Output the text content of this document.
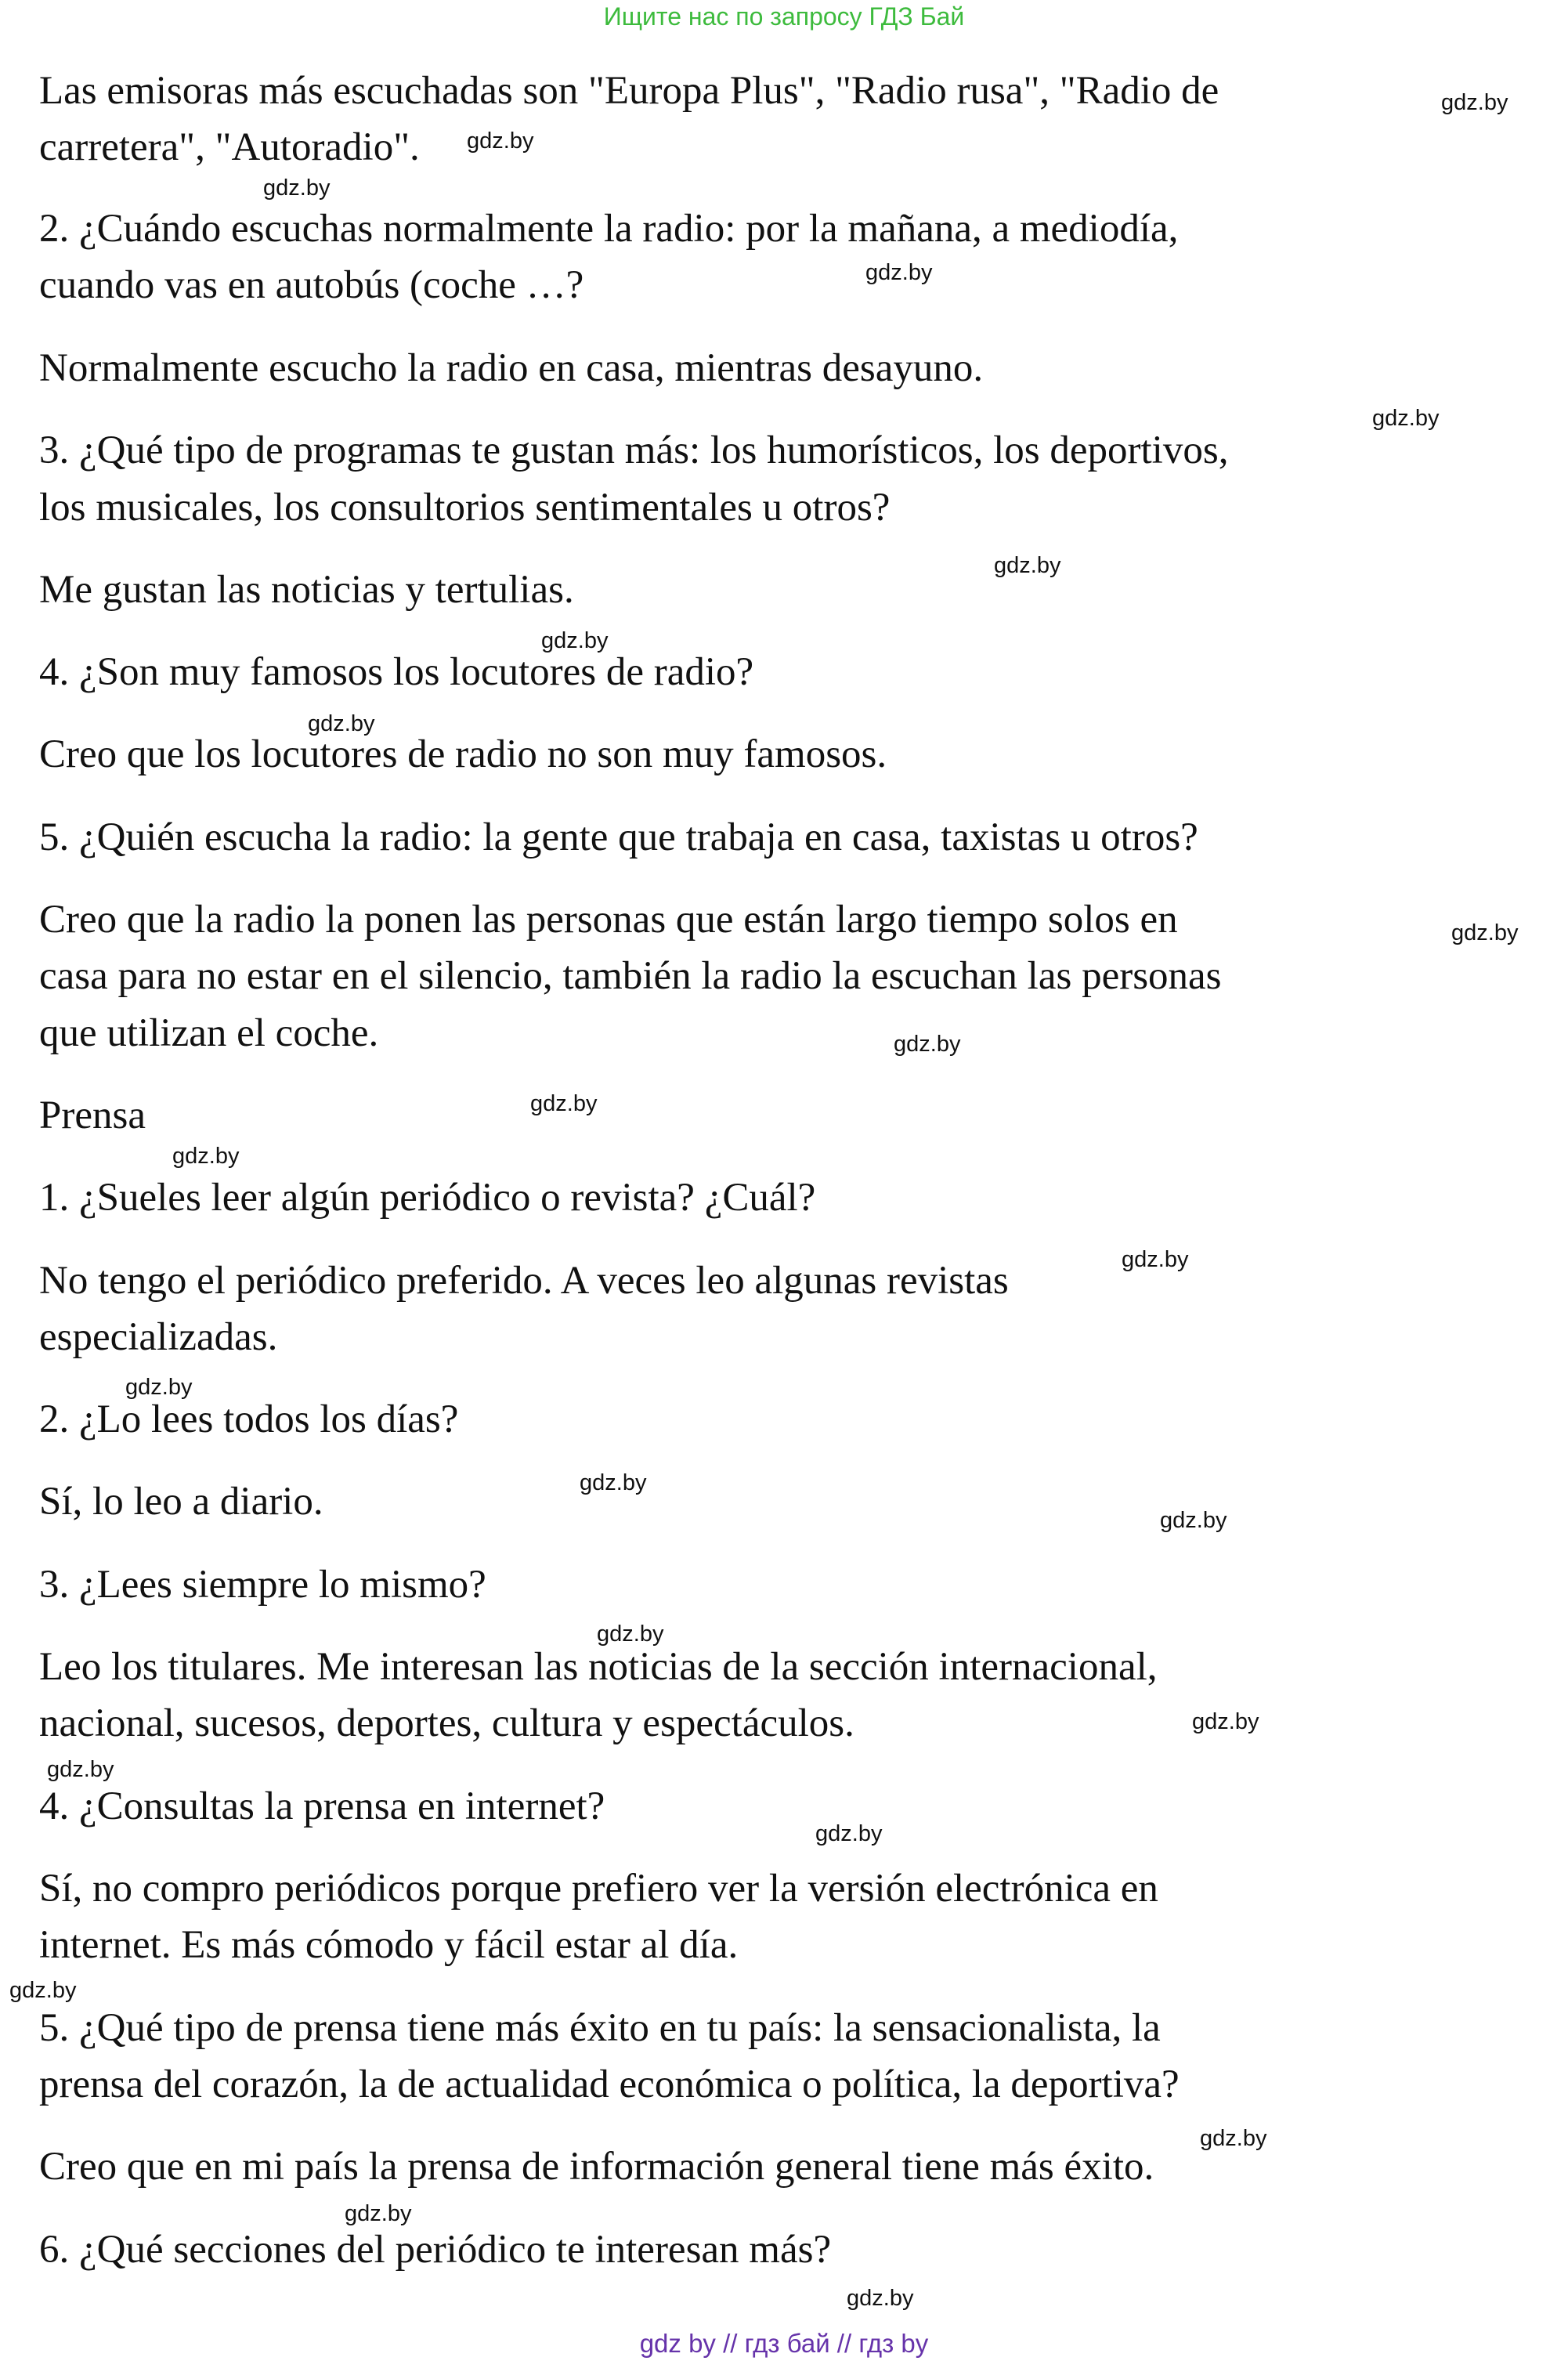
Ищите нас по запросу ГДЗ Бай
Las emisoras más escuchadas son "Europa Plus", "Radio rusa", "Radio de
carretera", "Autoradio".
2. ¿Cuándo escuchas normalmente la radio: por la mañana, a mediodía,
cuando vas en autobús (coche …?
Normalmente escucho la radio en casa, mientras desayuno.
3. ¿Qué tipo de programas te gustan más: los humorísticos, los deportivos,
los musicales, los consultorios sentimentales u otros?
Me gustan las noticias y tertulias.
4. ¿Son muy famosos los locutores de radio?
Creo que los locutores de radio no son muy famosos.
5. ¿Quién escucha la radio: la gente que trabaja en casa, taxistas u otros?
Creo que la radio la ponen las personas que están largo tiempo solos en
casa para no estar en el silencio, también la radio la escuchan las personas
que utilizan el coche.
Prensa
1. ¿Sueles leer algún periódico o revista? ¿Cuál?
No tengo el periódico preferido. A veces leo algunas revistas
especializadas.
2. ¿Lo lees todos los días?
Sí, lo leo a diario.
3. ¿Lees siempre lo mismo?
Leo los titulares. Me interesan las noticias de la sección internacional,
nacional, sucesos, deportes, cultura y espectáculos.
4. ¿Consultas la prensa en internet?
Sí, no compro periódicos porque prefiero ver la versión electrónica en
internet. Es más cómodo y fácil estar al día.
5. ¿Qué tipo de prensa tiene más éxito en tu país: la sensacionalista, la
prensa del corazón, la de actualidad económica o política, la deportiva?
Creo que en mi país la prensa de información general tiene más éxito.
6. ¿Qué secciones del periódico te interesan más?
gdz.by
gdz.by
gdz.by
gdz.by
gdz.by
gdz.by
gdz.by
gdz.by
gdz.by
gdz.by
gdz.by
gdz.by
gdz.by
gdz.by
gdz.by
gdz.by
gdz.by
gdz.by
gdz.by
gdz.by
gdz.by
gdz.by
gdz.by
gdz.by
gdz by // гдз бай // гдз by
